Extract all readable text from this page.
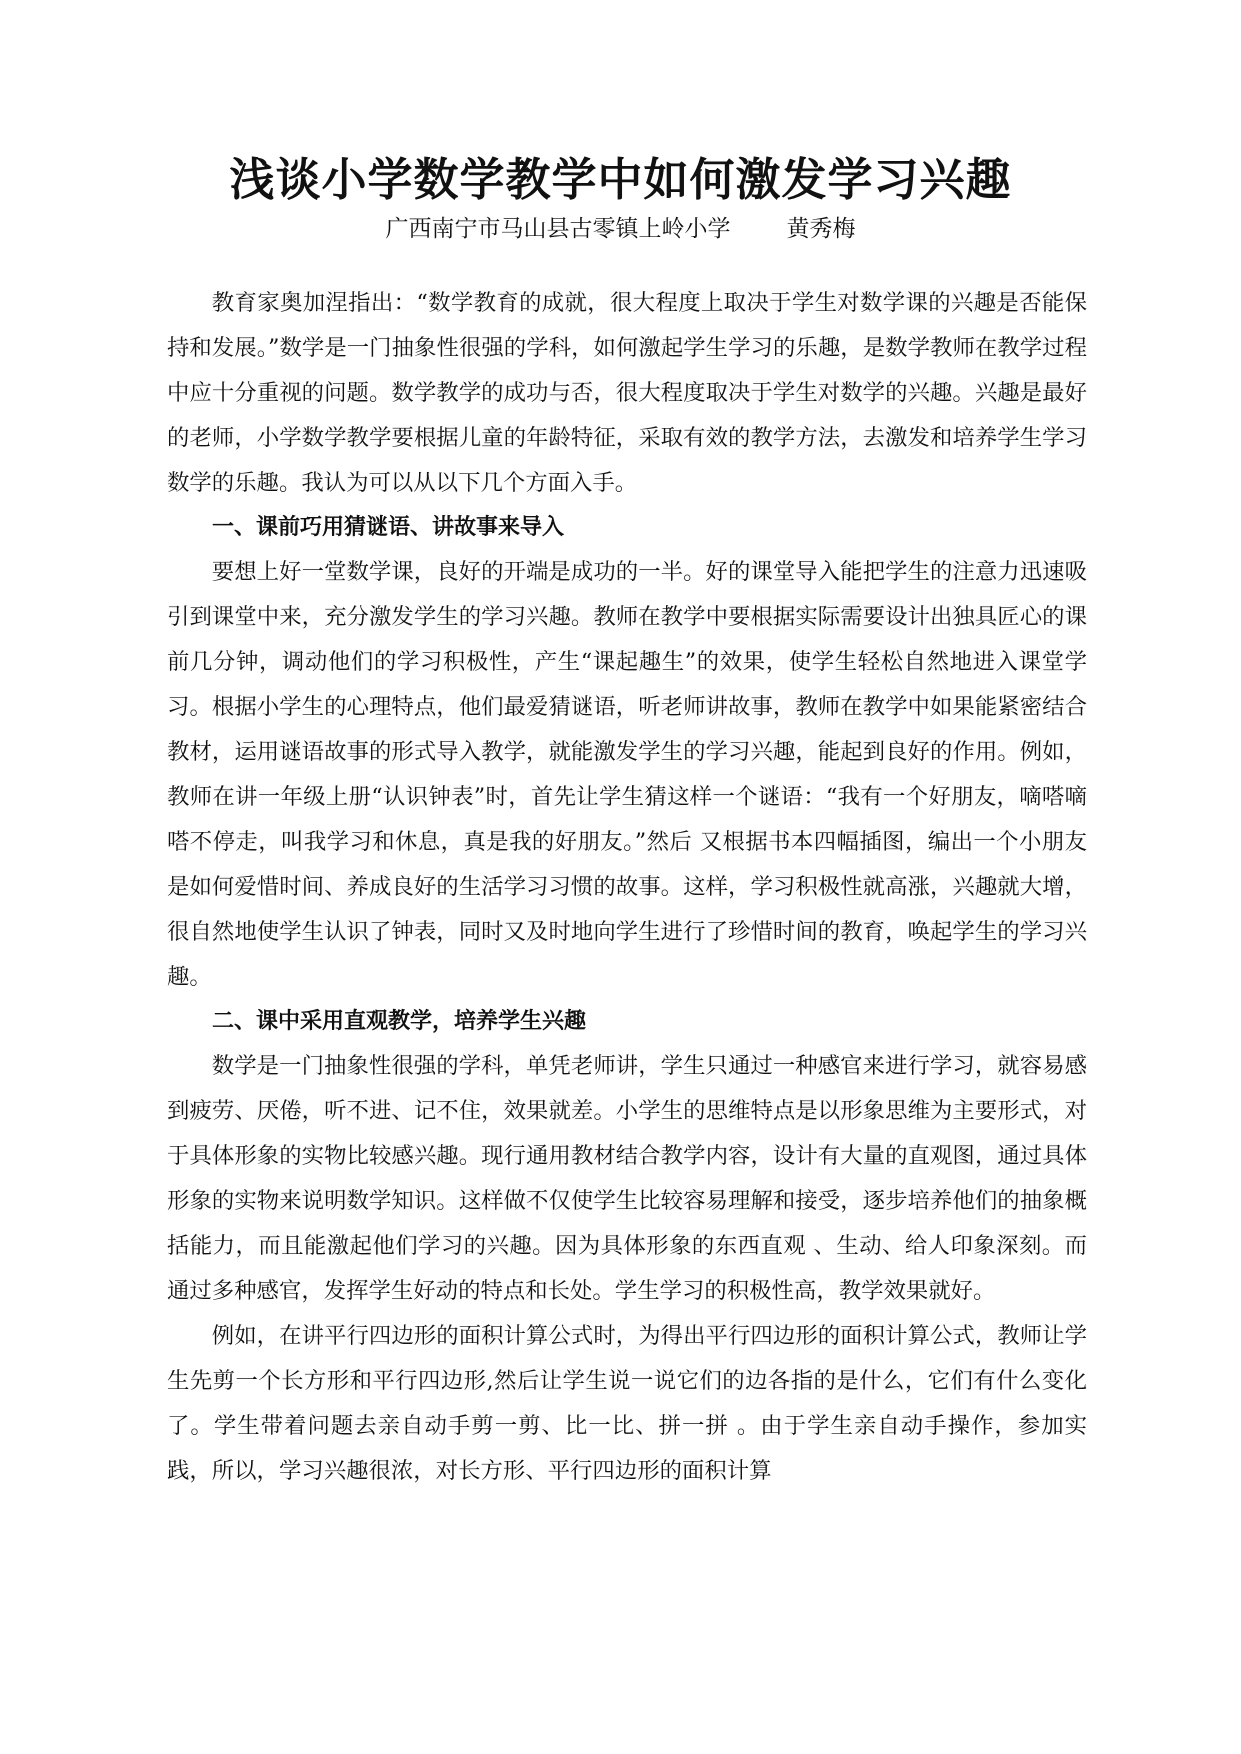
浅谈小学数学教学中如何激发学习兴趣
广西南宁市马山县古零镇上岭小学 黄秀梅

教育家奥加涅指出：“数学教育的成就，很大程度上取决于学生对数学课的兴趣是否能保持和发展。”数学是一门抽象性很强的学科，如何激起学生学习的乐趣，是数学教师在教学过程中应十分重视的问题。数学教学的成功与否，很大程度取决于学生对数学的兴趣。兴趣是最好的老师，小学数学教学要根据儿童的年龄特征，采取有效的教学方法，去激发和培养学生学习数学的乐趣。我认为可以从以下几个方面入手。

一、课前巧用猜谜语、讲故事来导入

要想上好一堂数学课，良好的开端是成功的一半。好的课堂导入能把学生的注意力迅速吸引到课堂中来，充分激发学生的学习兴趣。教师在教学中要根据实际需要设计出独具匠心的课前几分钟，调动他们的学习积极性，产生“课起趣生”的效果，使学生轻松自然地进入课堂学习。根据小学生的心理特点，他们最爱猜谜语，听老师讲故事，教师在教学中如果能紧密结合教材，运用谜语故事的形式导入教学，就能激发学生的学习兴趣，能起到良好的作用。例如，教师在讲一年级上册“认识钟表”时，首先让学生猜这样一个谜语：“我有一个好朋友，嘀嗒嘀嗒不停走，叫我学习和休息，真是我的好朋友。”然后 又根据书本四幅插图，编出一个小朋友是如何爱惜时间、养成良好的生活学习习惯的故事。这样，学习积极性就高涨，兴趣就大增，很自然地使学生认识了钟表，同时又及时地向学生进行了珍惜时间的教育，唤起学生的学习兴趣。

二、课中采用直观教学，培养学生兴趣

数学是一门抽象性很强的学科，单凭老师讲，学生只通过一种感官来进行学习，就容易感到疲劳、厌倦，听不进、记不住，效果就差。小学生的思维特点是以形象思维为主要形式，对于具体形象的实物比较感兴趣。现行通用教材结合教学内容，设计有大量的直观图，通过具体形象的实物来说明数学知识。这样做不仅使学生比较容易理解和接受，逐步培养他们的抽象概括能力，而且能激起他们学习的兴趣。因为具体形象的东西直观 、生动、给人印象深刻。而通过多种感官，发挥学生好动的特点和长处。学生学习的积极性高，教学效果就好。

例如，在讲平行四边形的面积计算公式时，为得出平行四边形的面积计算公式，教师让学生先剪一个长方形和平行四边形,然后让学生说一说它们的边各指的是什么，它们有什么变化了。学生带着问题去亲自动手剪一剪、比一比、拼一拼 。由于学生亲自动手操作，参加实践，所以，学习兴趣很浓，对长方形、平行四边形的面积计算
